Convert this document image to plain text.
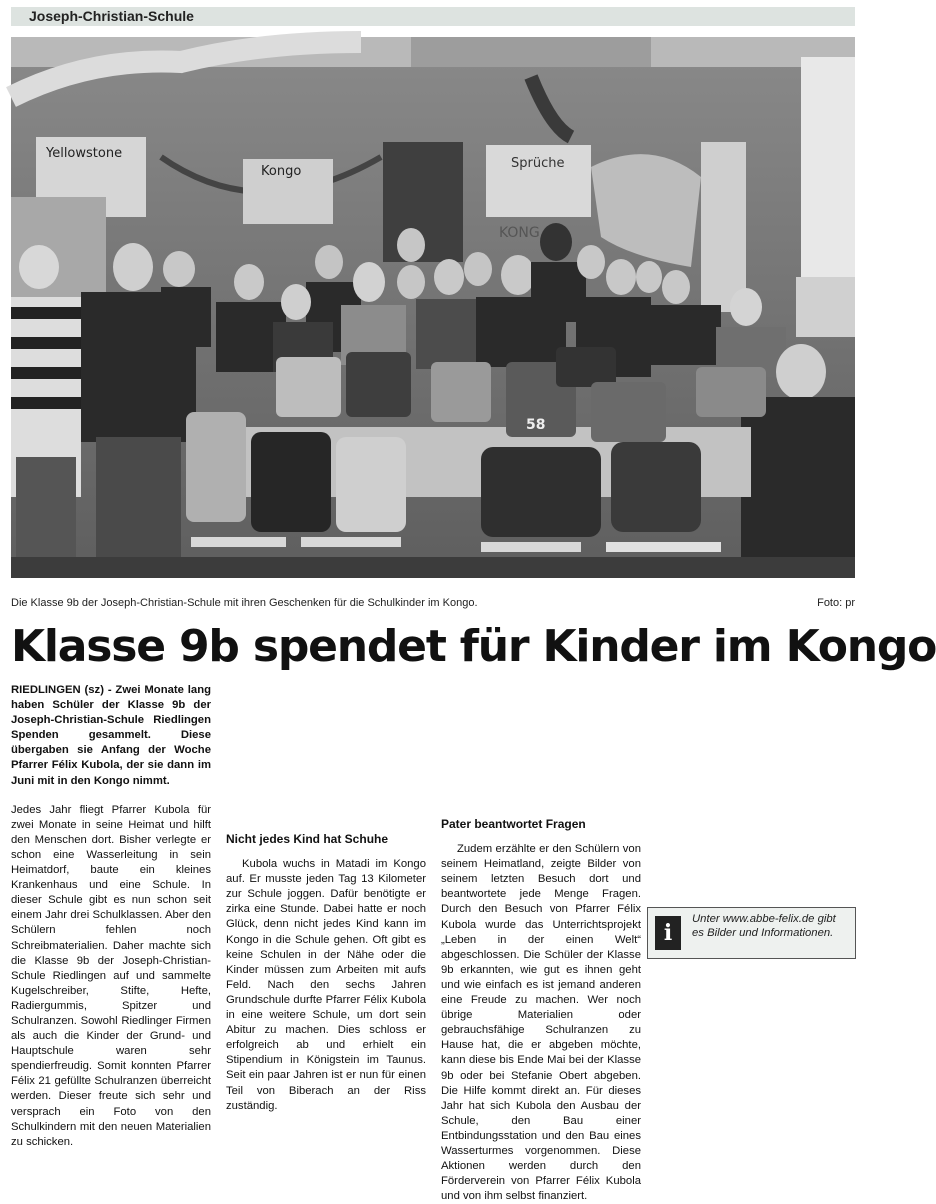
Joseph-Christian-Schule
Yellowstone
Kongo
Sprüche
KONG
58
Die Klasse 9b der Joseph-Christian-Schule mit ihren Geschenken für die Schulkinder im Kongo.	Foto: pr
Klasse 9b spendet für Kinder im Kongo

RIEDLINGEN (sz) - Zwei Monate lang haben Schüler der Klasse 9b der Joseph-Christian-Schule Riedlingen Spenden gesammelt. Diese übergaben sie Anfang der Woche Pfarrer Félix Kubola, der sie dann im Juni mit in den Kongo nimmt.

Jedes Jahr fliegt Pfarrer Kubola für zwei Monate in seine Heimat und hilft den Menschen dort. Bisher verlegte er schon eine Wasserleitung in sein Heimatdorf, baute ein kleines Krankenhaus und eine Schule. In dieser Schule gibt es nun schon seit einem Jahr drei Schulklassen. Aber den Schülern fehlen noch Schreibmaterialien. Daher machte sich die Klasse 9b der Joseph-Christian-Schule Riedlingen auf und sammelte Kugelschreiber, Stifte, Hefte, Radiergummis, Spitzer und Schulranzen. Sowohl Riedlinger Firmen als auch die Kinder der Grund- und Hauptschule waren sehr spendierfreudig. Somit konnten Pfarrer Félix 21 gefüllte Schulranzen überreicht werden. Dieser freute sich sehr und versprach ein Foto von den Schulkindern mit den neuen Materialien zu schicken.

Nicht jedes Kind hat Schuhe

Kubola wuchs in Matadi im Kongo auf. Er musste jeden Tag 13 Kilometer zur Schule joggen. Dafür benötigte er zirka eine Stunde. Dabei hatte er noch Glück, denn nicht jedes Kind kann im Kongo in die Schule gehen. Oft gibt es keine Schulen in der Nähe oder die Kinder müssen zum Arbeiten mit aufs Feld. Nach den sechs Jahren Grundschule durfte Pfarrer Félix Kubola in eine weitere Schule, um dort sein Abitur zu machen. Dies schloss er erfolgreich ab und erhielt ein Stipendium in Königstein im Taunus. Seit ein paar Jahren ist er nun für einen Teil von Biberach an der Riss zuständig.

Pater beantwortet Fragen

Zudem erzählte er den Schülern von seinem Heimatland, zeigte Bilder von seinem letzten Besuch dort und beantwortete jede Menge Fragen. Durch den Besuch von Pfarrer Félix Kubola wurde das Unterrichtsprojekt „Leben in der einen Welt“ abgeschlossen. Die Schüler der Klasse 9b erkannten, wie gut es ihnen geht und wie einfach es ist jemand anderen eine Freude zu machen. Wer noch übrige Materialien oder gebrauchsfähige Schulranzen zu Hause hat, die er abgeben möchte, kann diese bis Ende Mai bei der Klasse 9b oder bei Stefanie Obert abgeben. Die Hilfe kommt direkt an. Für dieses Jahr hat sich Kubola den Ausbau der Schule, den Bau einer Entbindungsstation und den Bau eines Wasserturmes vorgenommen. Diese Aktionen werden durch den Förderverein von Pfarrer Félix Kubola und von ihm selbst finanziert.

i
Unter www.abbe-felix.de gibt es Bilder und Informationen.
